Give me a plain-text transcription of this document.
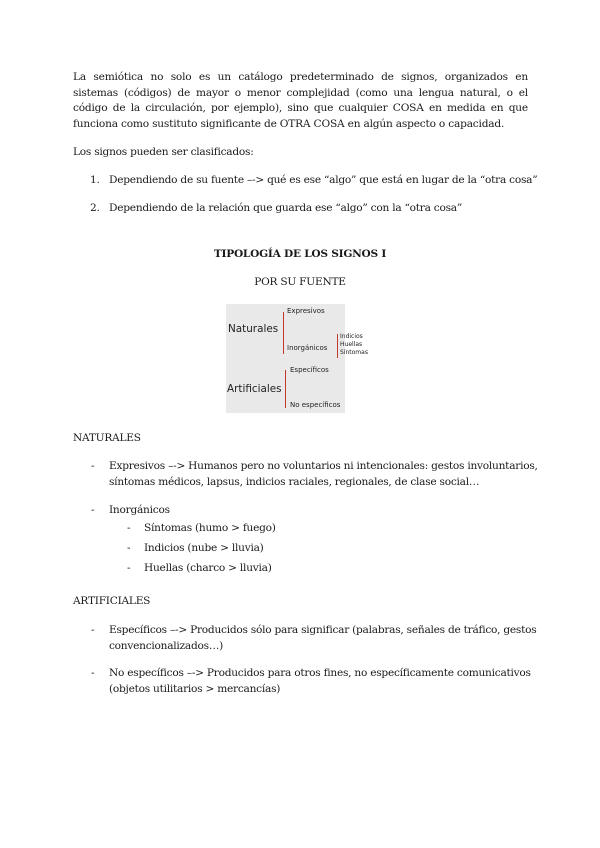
La semiótica no solo es un catálogo predeterminado de signos, organizados en sistemas (códigos) de mayor o menor complejidad (como una lengua natural, o el código de la circulación, por ejemplo), sino que cualquier COSA en medida en que funciona como sustituto significante de OTRA COSA en algún aspecto o capacidad.
Los signos pueden ser clasificados:
1. Dependiendo de su fuente –-> qué es ese “algo” que está en lugar de la “otra cosa”
2. Dependiendo de la relación que guarda ese “algo” con la “otra cosa”
TIPOLOGÍA DE LOS SIGNOS I
POR SU FUENTE
Naturales
Expresivos
Inorgánicos
Indicios
Huellas
Síntomas
Artificiales
Específicos
No específicos
NATURALES
- Expresivos –-> Humanos pero no voluntarios ni intencionales: gestos involuntarios,
síntomas médicos, lapsus, indicios raciales, regionales, de clase social…
- Inorgánicos
- Síntomas (humo > fuego)
- Indicios (nube > lluvia)
- Huellas (charco > lluvia)
ARTIFICIALES
- Específicos –-> Producidos sólo para significar (palabras, señales de tráfico, gestos
convencionalizados…)
- No específicos –-> Producidos para otros fines, no específicamente comunicativos
(objetos utilitarios > mercancías)
